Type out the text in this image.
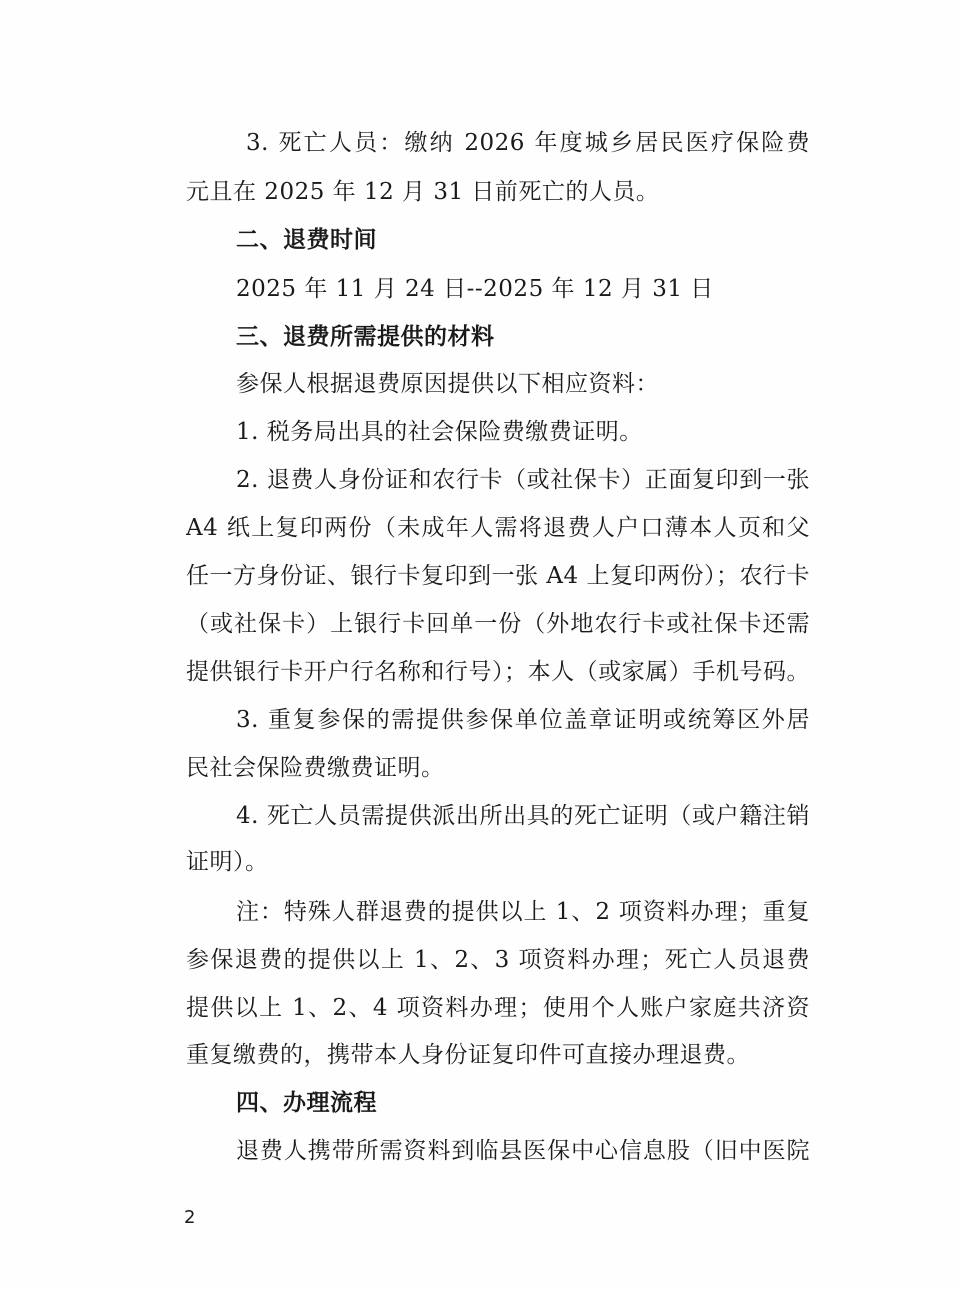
3. 死亡人员：缴纳 2026 年度城乡居民医疗保险费
元且在 2025 年 12 月 31 日前死亡的人员。
二、退费时间
2025 年 11 月 24 日--2025 年 12 月 31 日
三、退费所需提供的材料
参保人根据退费原因提供以下相应资料：
1. 税务局出具的社会保险费缴费证明。
2. 退费人身份证和农行卡（或社保卡）正面复印到一张
A4 纸上复印两份（未成年人需将退费人户口薄本人页和父
任一方身份证、银行卡复印到一张 A4 上复印两份）；农行卡
（或社保卡）上银行卡回单一份（外地农行卡或社保卡还需
提供银行卡开户行名称和行号）；本人（或家属）手机号码。
3. 重复参保的需提供参保单位盖章证明或统筹区外居
民社会保险费缴费证明。
4. 死亡人员需提供派出所出具的死亡证明（或户籍注销
证明）。
注：特殊人群退费的提供以上 1、2 项资料办理；重复
参保退费的提供以上 1、2、3 项资料办理；死亡人员退费
提供以上 1、2、4 项资料办理；使用个人账户家庭共济资
重复缴费的，携带本人身份证复印件可直接办理退费。
四、办理流程
退费人携带所需资料到临县医保中心信息股（旧中医院
2
